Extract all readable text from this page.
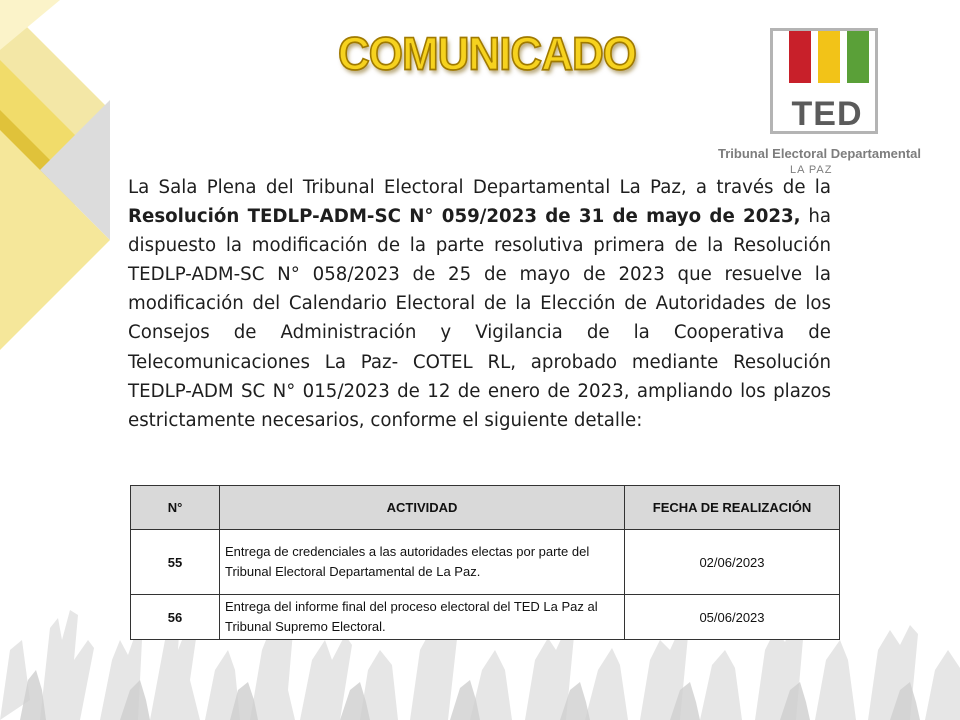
COMUNICADO
TED
Tribunal Electoral Departamental
LA PAZ
La Sala Plena del Tribunal Electoral Departamental La Paz, a través de la Resolución TEDLP-ADM-SC N° 059/2023 de 31 de mayo de 2023, ha dispuesto la modificación de la parte resolutiva primera de la Resolución TEDLP-ADM-SC N° 058/2023 de 25 de mayo de 2023 que resuelve la modificación del Calendario Electoral de la Elección de Autoridades de los Consejos de Administración y Vigilancia de la Cooperativa de Telecomunicaciones La Paz- COTEL RL, aprobado mediante Resolución TEDLP-ADM SC N° 015/2023 de 12 de enero de 2023, ampliando los plazos estrictamente necesarios, conforme el siguiente detalle:
N°	ACTIVIDAD	FECHA DE REALIZACIÓN
55	Entrega de credenciales a las autoridades electas por parte del Tribunal Electoral Departamental de La Paz.	02/06/2023
56	Entrega del informe final del proceso electoral del TED La Paz al Tribunal Supremo Electoral.	05/06/2023
